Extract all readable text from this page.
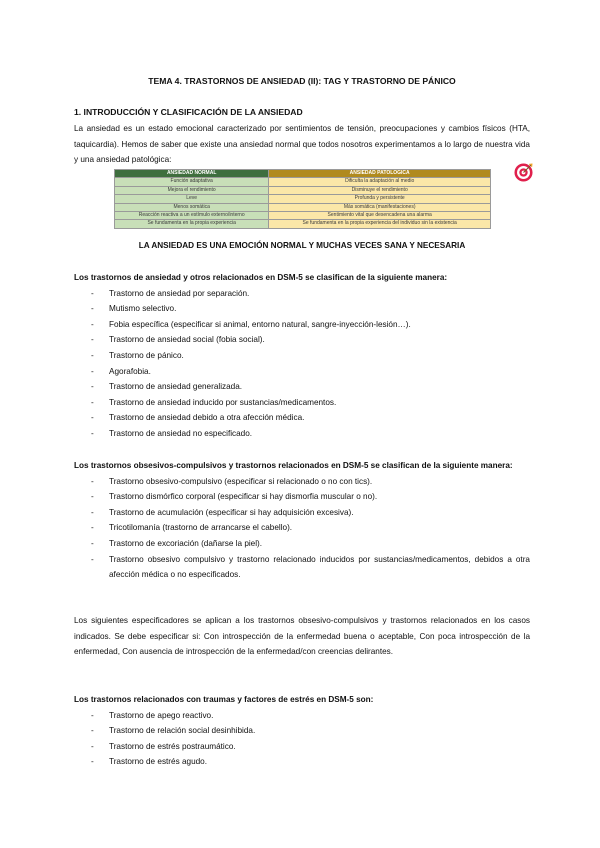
TEMA 4. TRASTORNOS DE ANSIEDAD (II): TAG Y TRASTORNO DE PÁNICO
1. INTRODUCCIÓN Y CLASIFICACIÓN DE LA ANSIEDAD

La ansiedad es un estado emocional caracterizado por sentimientos de tensión, preocupaciones y cambios físicos (HTA, taquicardia). Hemos de saber que existe una ansiedad normal que todos nosotros experimentamos a lo largo de nuestra vida y una ansiedad patológica:

ANSIEDAD NORMAL	ANSIEDAD PATOLÓGICA
Función adaptativa	Dificulta la adaptación al medio
Mejora el rendimiento	Disminuye el rendimiento
Leve	Profunda y persistente
Menos somática	Más somática (manifestaciones)
Reacción reactiva a un estímulo externo/interno	Sentimiento vital que desencadena una alarma
Se fundamenta en la propia experiencia	Se fundamenta en la propia experiencia del individuo sin la existencia
LA ANSIEDAD ES UNA EMOCIÓN NORMAL Y MUCHAS VECES SANA Y NECESARIA

Los trastornos de ansiedad y otros relacionados en DSM-5 se clasifican de la siguiente manera:

- Trastorno de ansiedad por separación.
- Mutismo selectivo.
- Fobia específica (especificar si animal, entorno natural, sangre-inyección-lesión…).
- Trastorno de ansiedad social (fobia social).
- Trastorno de pánico.
- Agorafobia.
- Trastorno de ansiedad generalizada.
- Trastorno de ansiedad inducido por sustancias/medicamentos.
- Trastorno de ansiedad debido a otra afección médica.
- Trastorno de ansiedad no especificado.

Los trastornos obsesivos-compulsivos y trastornos relacionados en DSM-5 se clasifican de la siguiente manera:

- Trastorno obsesivo-compulsivo (especificar si relacionado o no con tics).
- Trastorno dismórfico corporal (especificar si hay dismorfia muscular o no).
- Trastorno de acumulación (especificar si hay adquisición excesiva).
- Tricotilomanía (trastorno de arrancarse el cabello).
- Trastorno de excoriación (dañarse la piel).
- Trastorno obsesivo compulsivo y trastorno relacionado inducidos por sustancias/medicamentos, debidos a otra afección médica o no especificados.

Los siguientes especificadores se aplican a los trastornos obsesivo-compulsivos y trastornos relacionados en los casos indicados. Se debe especificar si: Con introspección de la enfermedad buena o aceptable, Con poca introspección de la enfermedad, Con ausencia de introspección de la enfermedad/con creencias delirantes.

Los trastornos relacionados con traumas y factores de estrés en DSM-5 son:

- Trastorno de apego reactivo.
- Trastorno de relación social desinhibida.
- Trastorno de estrés postraumático.
- Trastorno de estrés agudo.
